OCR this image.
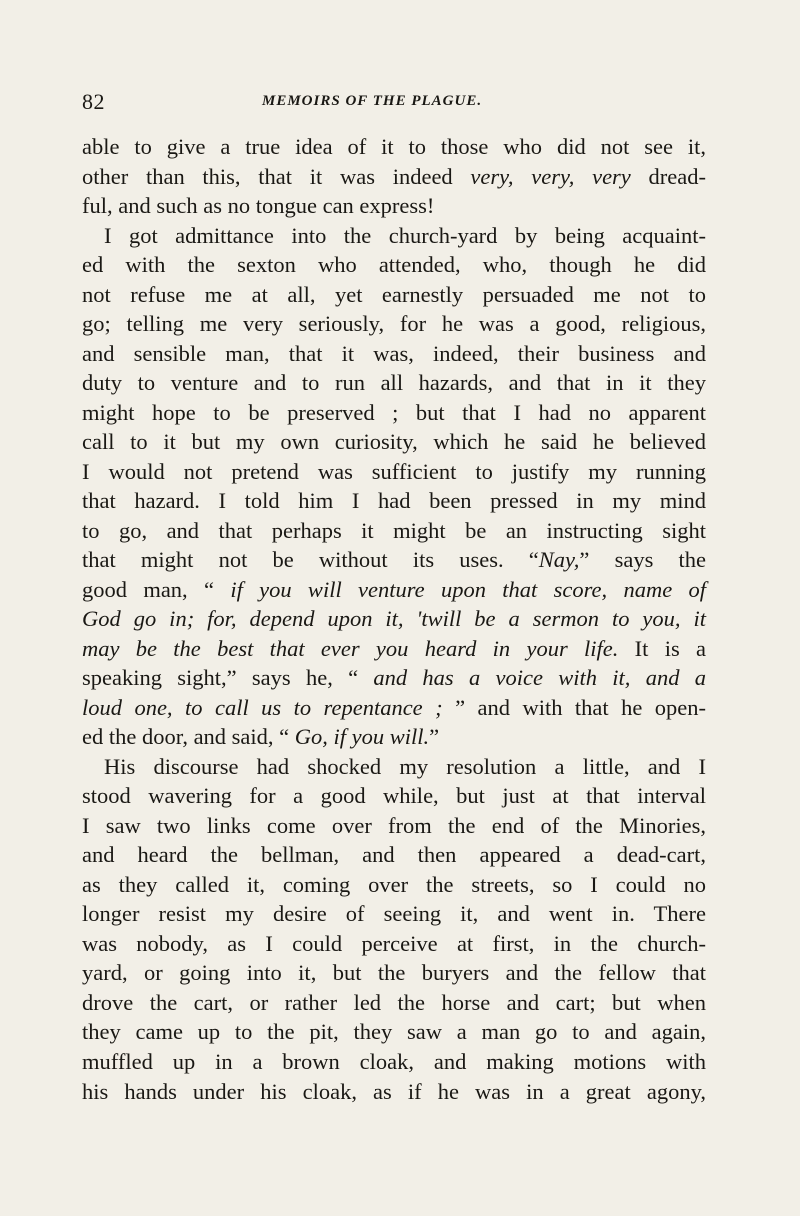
82	MEMOIRS OF THE PLAGUE.
able to give a true idea of it to those who did not see it,
other than this, that it was indeed very, very, very dread-
ful, and such as no tongue can express!
I got admittance into the church-yard by being acquaint-
ed with the sexton who attended, who, though he did
not refuse me at all, yet earnestly persuaded me not to
go; telling me very seriously, for he was a good, religious,
and sensible man, that it was, indeed, their business and
duty to venture and to run all hazards, and that in it they
might hope to be preserved ; but that I had no apparent
call to it but my own curiosity, which he said he believed
I would not pretend was sufficient to justify my running
that hazard. I told him I had been pressed in my mind
to go, and that perhaps it might be an instructing sight
that might not be without its uses. “Nay,” says the
good man, “ if you will venture upon that score, name of
God go in; for, depend upon it, 'twill be a sermon to you, it
may be the best that ever you heard in your life. It is a
speaking sight,” says he, “ and has a voice with it, and a
loud one, to call us to repentance ; ” and with that he open-
ed the door, and said, “ Go, if you will.”
His discourse had shocked my resolution a little, and I
stood wavering for a good while, but just at that interval
I saw two links come over from the end of the Minories,
and heard the bellman, and then appeared a dead-cart,
as they called it, coming over the streets, so I could no
longer resist my desire of seeing it, and went in. There
was nobody, as I could perceive at first, in the church-
yard, or going into it, but the buryers and the fellow that
drove the cart, or rather led the horse and cart; but when
they came up to the pit, they saw a man go to and again,
muffled up in a brown cloak, and making motions with
his hands under his cloak, as if he was in a great agony,
